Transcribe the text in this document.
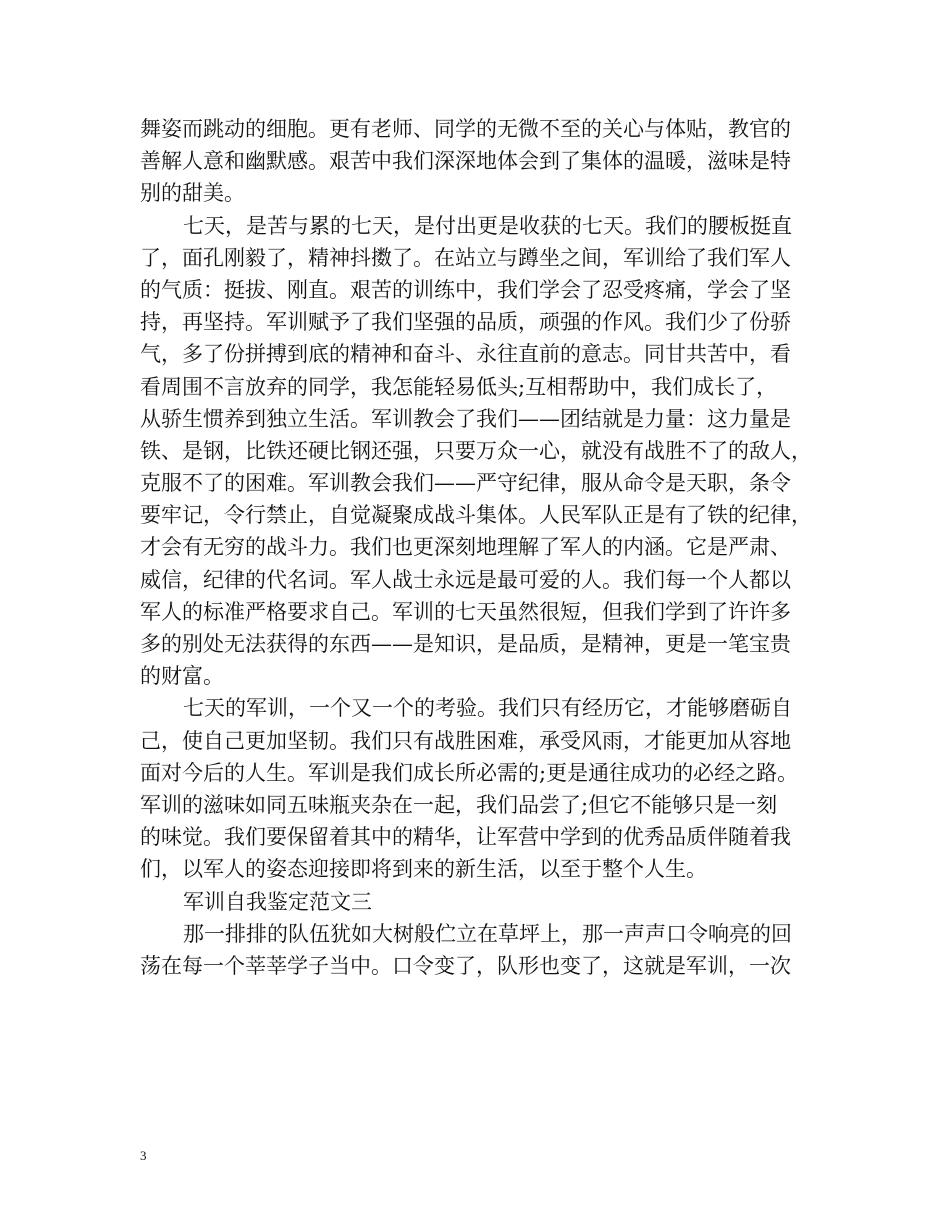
舞姿而跳动的细胞。更有老师、同学的无微不至的关心与体贴，教官的
善解人意和幽默感。艰苦中我们深深地体会到了集体的温暖，滋味是特
别的甜美。
七天，是苦与累的七天，是付出更是收获的七天。我们的腰板挺直
了，面孔刚毅了，精神抖擞了。在站立与蹲坐之间，军训给了我们军人
的气质：挺拔、刚直。艰苦的训练中，我们学会了忍受疼痛，学会了坚
持，再坚持。军训赋予了我们坚强的品质，顽强的作风。我们少了份骄
气，多了份拼搏到底的精神和奋斗、永往直前的意志。同甘共苦中，看
看周围不言放弃的同学，我怎能轻易低头;互相帮助中，我们成长了，
从骄生惯养到独立生活。军训教会了我们——团结就是力量：这力量是
铁、是钢，比铁还硬比钢还强，只要万众一心，就没有战胜不了的敌人，
克服不了的困难。军训教会我们——严守纪律，服从命令是天职，条令
要牢记，令行禁止，自觉凝聚成战斗集体。人民军队正是有了铁的纪律，
才会有无穷的战斗力。我们也更深刻地理解了军人的内涵。它是严肃、
威信，纪律的代名词。军人战士永远是最可爱的人。我们每一个人都以
军人的标准严格要求自己。军训的七天虽然很短，但我们学到了许许多
多的别处无法获得的东西——是知识，是品质，是精神，更是一笔宝贵
的财富。
七天的军训，一个又一个的考验。我们只有经历它，才能够磨砺自
己，使自己更加坚韧。我们只有战胜困难，承受风雨，才能更加从容地
面对今后的人生。军训是我们成长所必需的;更是通往成功的必经之路。
军训的滋味如同五味瓶夹杂在一起，我们品尝了;但它不能够只是一刻
的味觉。我们要保留着其中的精华，让军营中学到的优秀品质伴随着我
们，以军人的姿态迎接即将到来的新生活，以至于整个人生。
军训自我鉴定范文三
那一排排的队伍犹如大树般伫立在草坪上，那一声声口令响亮的回
荡在每一个莘莘学子当中。口令变了，队形也变了，这就是军训，一次
3
